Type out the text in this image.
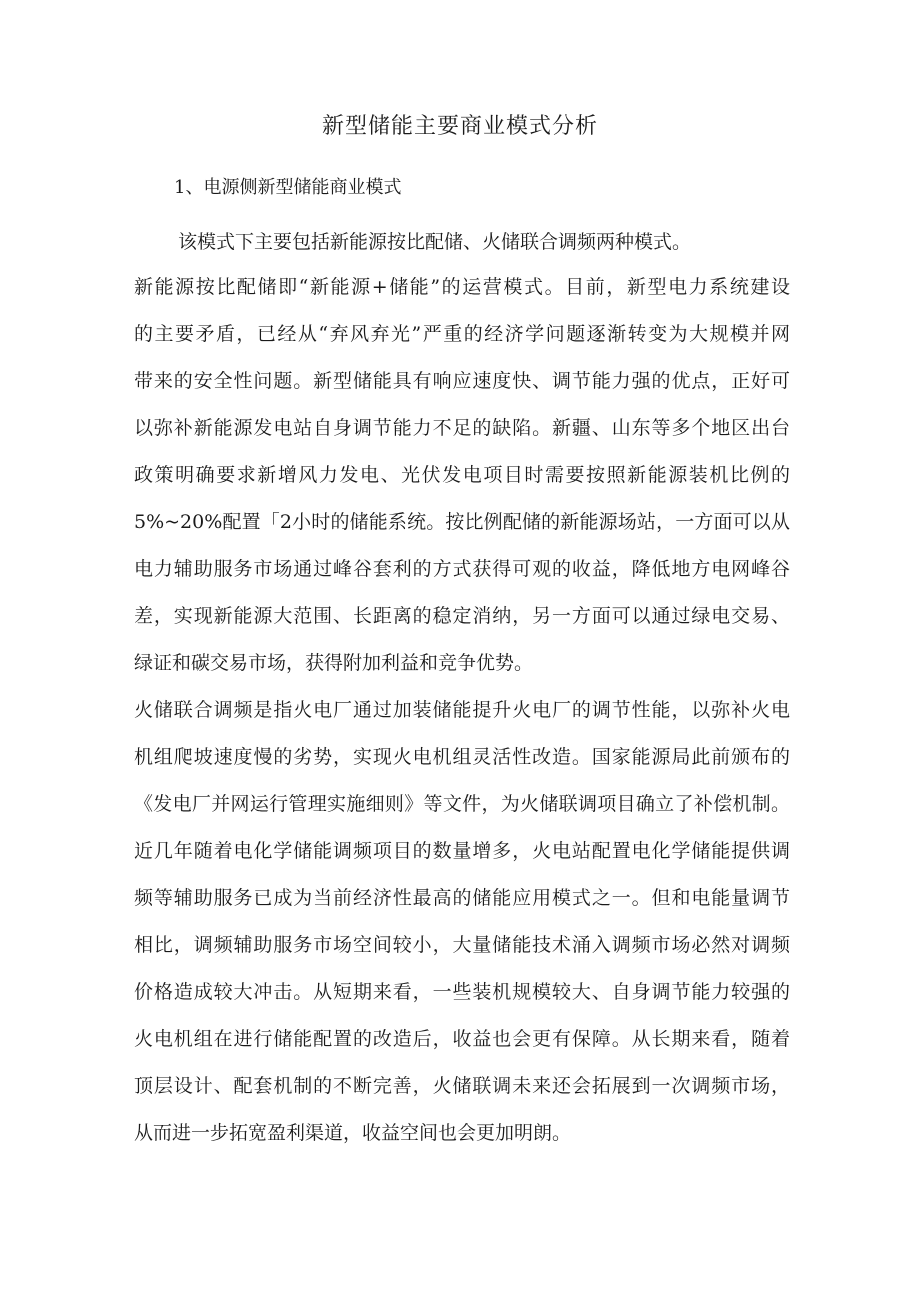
新型储能主要商业模式分析
1、电源侧新型储能商业模式
该模式下主要包括新能源按比配储、火储联合调频两种模式。
新能源按比配储即“新能源+储能”的运营模式。目前，新型电力系统建设
的主要矛盾，已经从“弃风弃光”严重的经济学问题逐渐转变为大规模并网
带来的安全性问题。新型储能具有响应速度快、调节能力强的优点，正好可
以弥补新能源发电站自身调节能力不足的缺陷。新疆、山东等多个地区出台
政策明确要求新增风力发电、光伏发电项目时需要按照新能源装机比例的
5%~20%配置「2小时的储能系统。按比例配储的新能源场站，一方面可以从
电力辅助服务市场通过峰谷套利的方式获得可观的收益，降低地方电网峰谷
差，实现新能源大范围、长距离的稳定消纳，另一方面可以通过绿电交易、
绿证和碳交易市场，获得附加利益和竞争优势。
火储联合调频是指火电厂通过加装储能提升火电厂的调节性能，以弥补火电
机组爬坡速度慢的劣势，实现火电机组灵活性改造。国家能源局此前颁布的
《发电厂并网运行管理实施细则》等文件，为火储联调项目确立了补偿机制。
近几年随着电化学储能调频项目的数量增多，火电站配置电化学储能提供调
频等辅助服务已成为当前经济性最高的储能应用模式之一。但和电能量调节
相比，调频辅助服务市场空间较小，大量储能技术涌入调频市场必然对调频
价格造成较大冲击。从短期来看，一些装机规模较大、自身调节能力较强的
火电机组在进行储能配置的改造后，收益也会更有保障。从长期来看，随着
顶层设计、配套机制的不断完善，火储联调未来还会拓展到一次调频市场，
从而进一步拓宽盈利渠道，收益空间也会更加明朗。
